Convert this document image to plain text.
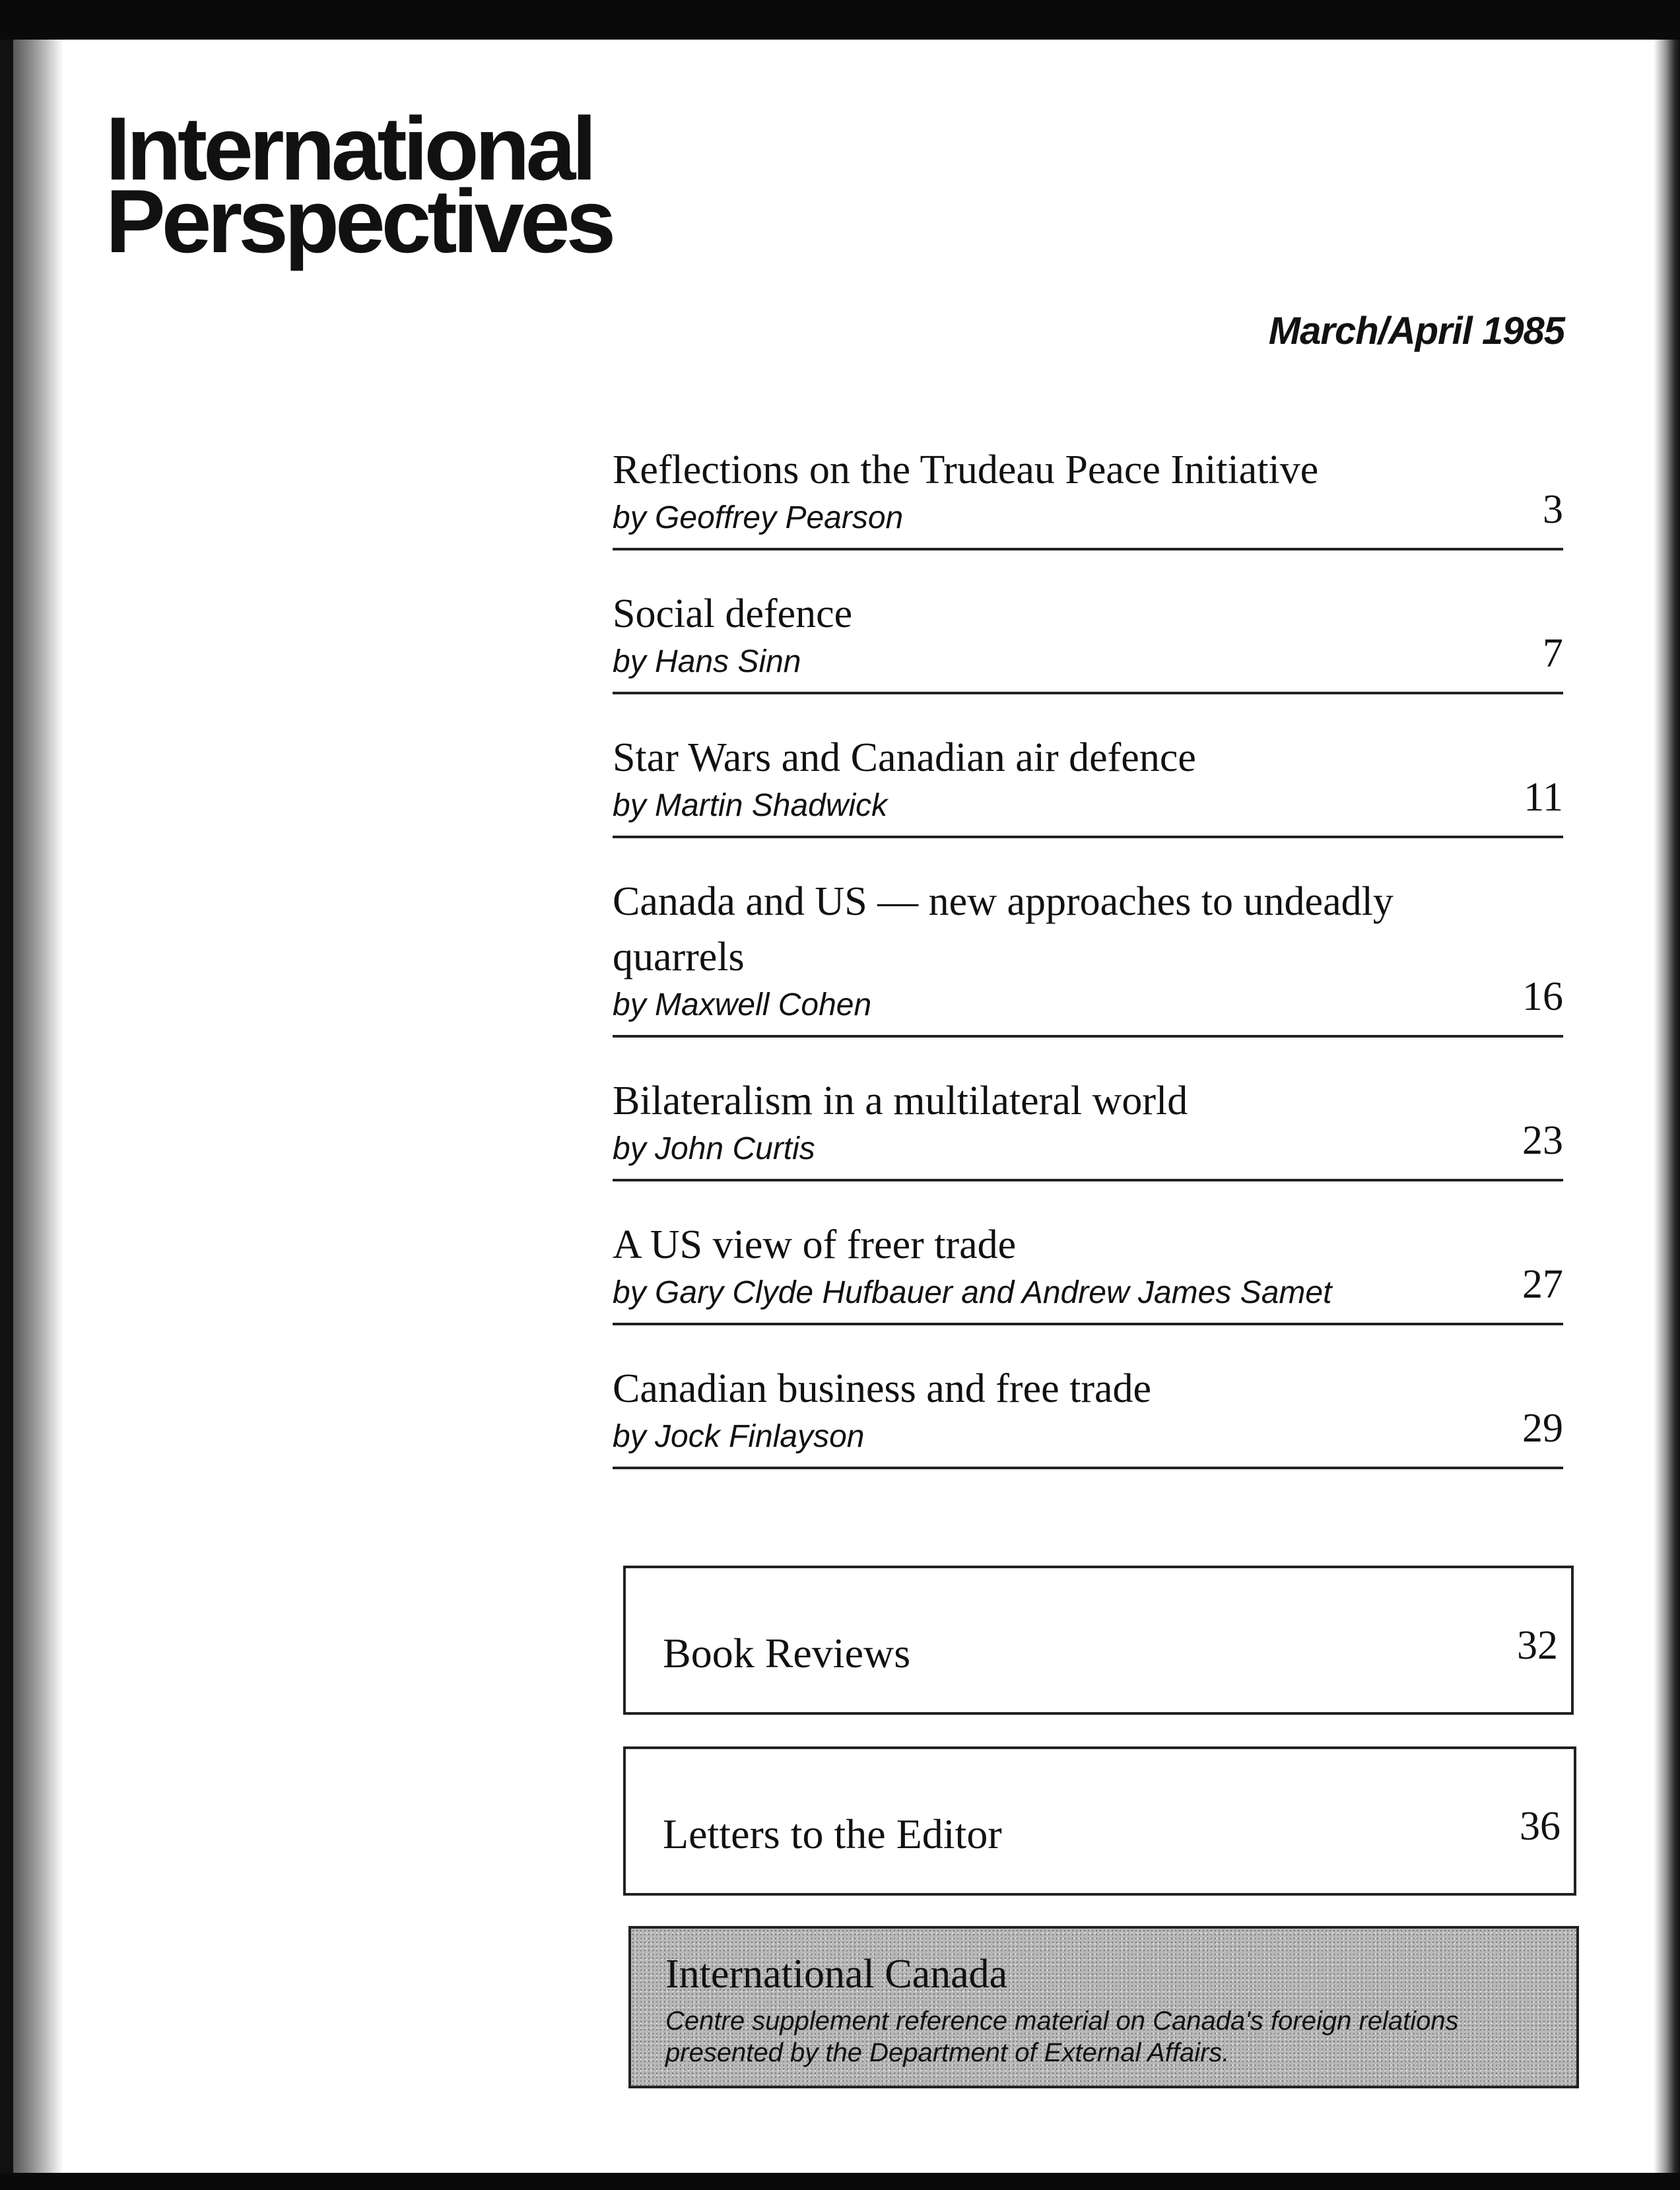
International
Perspectives
March/April 1985
Reflections on the Trudeau Peace Initiative
by Geoffrey Pearson	3
Social defence
by Hans Sinn	7
Star Wars and Canadian air defence
by Martin Shadwick	11
Canada and US — new approaches to undeadly quarrels
by Maxwell Cohen	16
Bilateralism in a multilateral world
by John Curtis	23
A US view of freer trade
by Gary Clyde Hufbauer and Andrew James Samet	27
Canadian business and free trade
by Jock Finlayson	29
Book Reviews	32
Letters to the Editor	36
International Canada
Centre supplement reference material on Canada's foreign relations presented by the Department of External Affairs.
